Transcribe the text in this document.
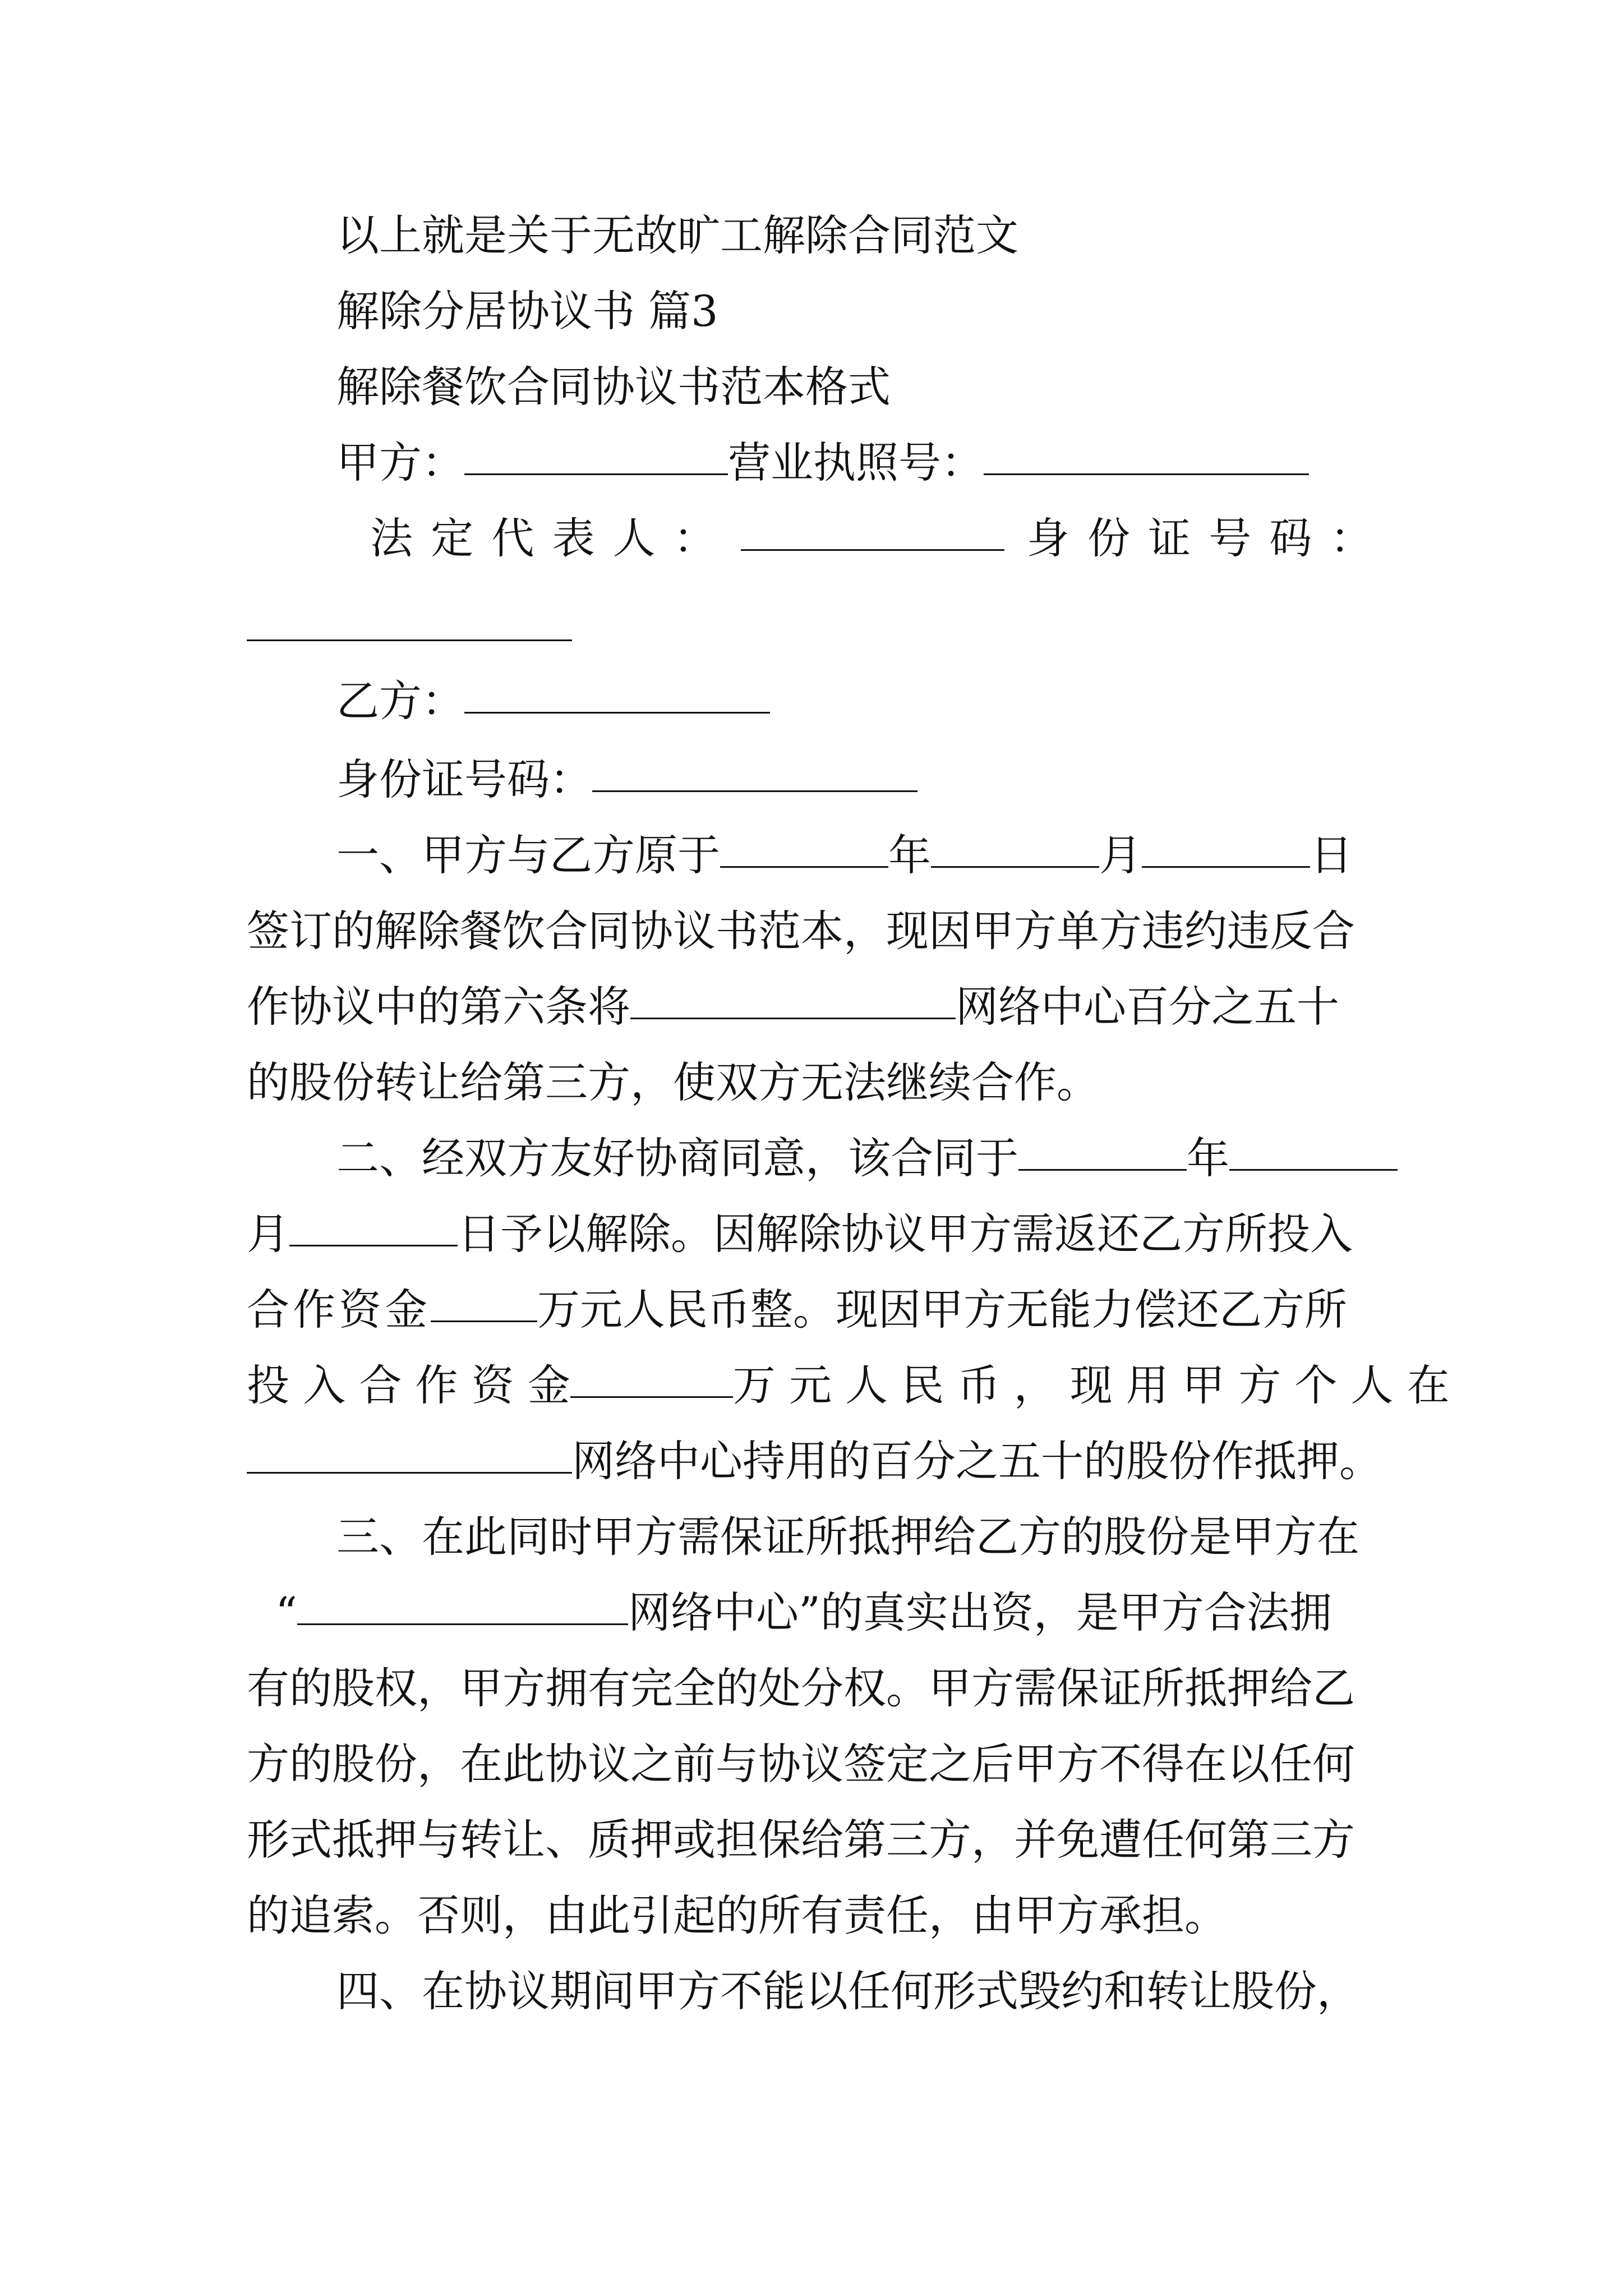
以上就是关于无故旷工解除合同范文
解除分居协议书 篇3
解除餐饮合同协议书范本格式
甲方：	营业执照号：
法 定 代 表 人 ：	身 份 证 号 码 ：
乙方：
身份证号码：
一、甲方与乙方原于	年	月	日
签订的解除餐饮合同协议书范本，现因甲方单方违约违反合
作协议中的第六条将	网络中心百分之五十
的股份转让给第三方，使双方无法继续合作。
二、经双方友好协商同意，该合同于	年
月	日予以解除。因解除协议甲方需返还乙方所投入
合作资金	万元人民币整。现因甲方无能力偿还乙方所
投 入 合 作 资 金	万 元 人 民 币 ， 现 用 甲 方 个 人 在
网络中心持用的百分之五十的股份作抵押。
三、在此同时甲方需保证所抵押给乙方的股份是甲方在
“	网络中心”的真实出资，是甲方合法拥
有的股权，甲方拥有完全的处分权。甲方需保证所抵押给乙
方的股份，在此协议之前与协议签定之后甲方不得在以任何
形式抵押与转让、质押或担保给第三方，并免遭任何第三方
的追索。否则，由此引起的所有责任，由甲方承担。
四、在协议期间甲方不能以任何形式毁约和转让股份，
